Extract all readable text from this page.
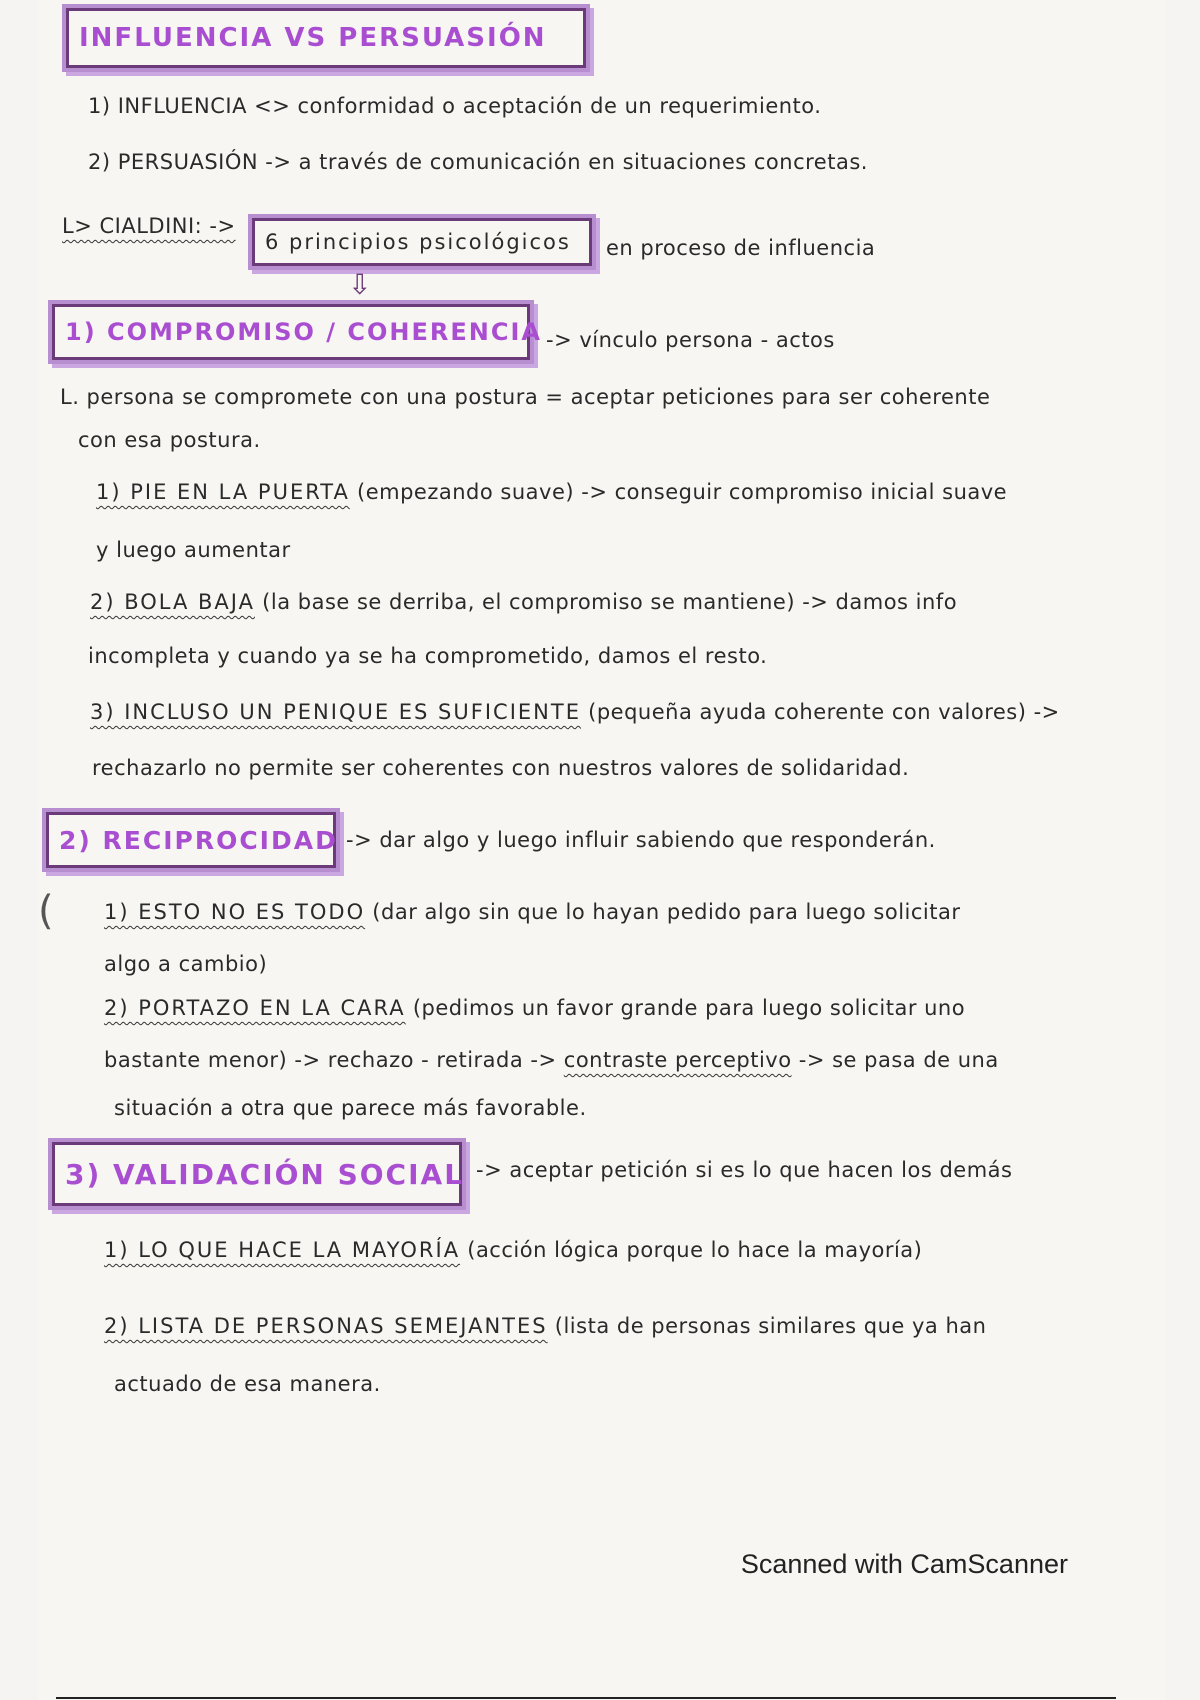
INFLUENCIA VS PERSUASIÓN
1) INFLUENCIA <> conformidad o aceptación de un requerimiento.
2) PERSUASIÓN -> a través de comunicación en situaciones concretas.
L> CIALDINI: ->
6 principios psicológicos en proceso de influencia
⇩
1) COMPROMISO / COHERENCIA -> vínculo persona - actos
L. persona se compromete con una postura = aceptar peticiones para ser coherente
con esa postura.
1) PIE EN LA PUERTA (empezando suave) -> conseguir compromiso inicial suave
y luego aumentar
2) BOLA BAJA (la base se derriba, el compromiso se mantiene) -> damos info
incompleta y cuando ya se ha comprometido, damos el resto.
3) INCLUSO UN PENIQUE ES SUFICIENTE (pequeña ayuda coherente con valores) ->
rechazarlo no permite ser coherentes con nuestros valores de solidaridad.
2) RECIPROCIDAD -> dar algo y luego influir sabiendo que responderán.
( 1) ESTO NO ES TODO (dar algo sin que lo hayan pedido para luego solicitar
algo a cambio)
2) PORTAZO EN LA CARA (pedimos un favor grande para luego solicitar uno
bastante menor) -> rechazo - retirada -> contraste perceptivo -> se pasa de una
situación a otra que parece más favorable.
3) VALIDACIÓN SOCIAL -> aceptar petición si es lo que hacen los demás
1) LO QUE HACE LA MAYORÍA (acción lógica porque lo hace la mayoría)
2) LISTA DE PERSONAS SEMEJANTES (lista de personas similares que ya han
actuado de esa manera.
Scanned with CamScanner
